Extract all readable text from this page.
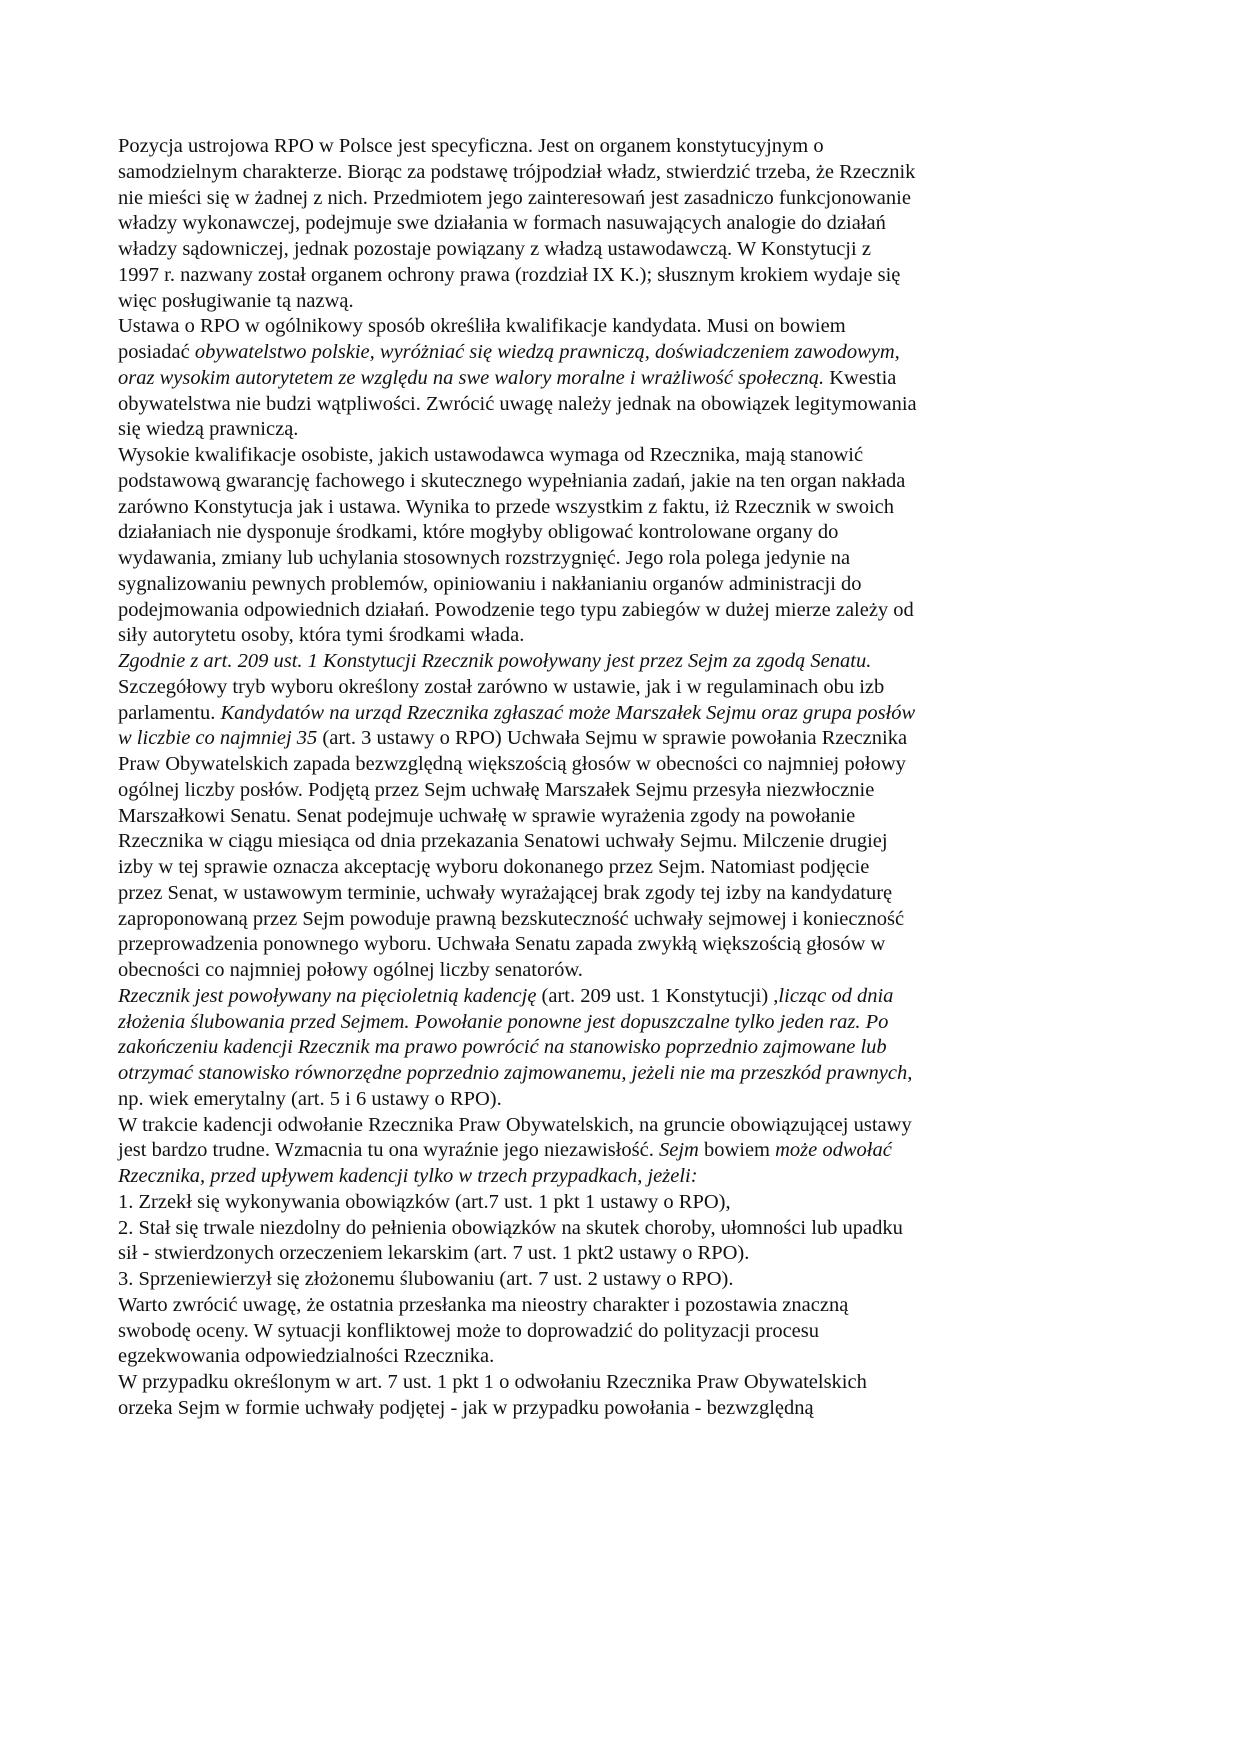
Pozycja ustrojowa RPO w Polsce jest specyficzna. Jest on organem konstytucyjnym o
samodzielnym charakterze. Biorąc za podstawę trójpodział władz, stwierdzić trzeba, że Rzecznik
nie mieści się w żadnej z nich. Przedmiotem jego zainteresowań jest zasadniczo funkcjonowanie
władzy wykonawczej, podejmuje swe działania w formach nasuwających analogie do działań
władzy sądowniczej, jednak pozostaje powiązany z władzą ustawodawczą. W Konstytucji z
1997 r. nazwany został organem ochrony prawa (rozdział IX K.); słusznym krokiem wydaje się
więc posługiwanie tą nazwą.
Ustawa o RPO w ogólnikowy sposób określiła kwalifikacje kandydata. Musi on bowiem
posiadać obywatelstwo polskie, wyróżniać się wiedzą prawniczą, doświadczeniem zawodowym,
oraz wysokim autorytetem ze względu na swe walory moralne i wrażliwość społeczną. Kwestia
obywatelstwa nie budzi wątpliwości. Zwrócić uwagę należy jednak na obowiązek legitymowania
się wiedzą prawniczą.
Wysokie kwalifikacje osobiste, jakich ustawodawca wymaga od Rzecznika, mają stanowić
podstawową gwarancję fachowego i skutecznego wypełniania zadań, jakie na ten organ nakłada
zarówno Konstytucja jak i ustawa. Wynika to przede wszystkim z faktu, iż Rzecznik w swoich
działaniach nie dysponuje środkami, które mogłyby obligować kontrolowane organy do
wydawania, zmiany lub uchylania stosownych rozstrzygnięć. Jego rola polega jedynie na
sygnalizowaniu pewnych problemów, opiniowaniu i nakłanianiu organów administracji do
podejmowania odpowiednich działań. Powodzenie tego typu zabiegów w dużej mierze zależy od
siły autorytetu osoby, która tymi środkami włada.
Zgodnie z art. 209 ust. 1 Konstytucji Rzecznik powoływany jest przez Sejm za zgodą Senatu.
Szczegółowy tryb wyboru określony został zarówno w ustawie, jak i w regulaminach obu izb
parlamentu. Kandydatów na urząd Rzecznika zgłaszać może Marszałek Sejmu oraz grupa posłów
w liczbie co najmniej 35 (art. 3 ustawy o RPO) Uchwała Sejmu w sprawie powołania Rzecznika
Praw Obywatelskich zapada bezwzględną większością głosów w obecności co najmniej połowy
ogólnej liczby posłów. Podjętą przez Sejm uchwałę Marszałek Sejmu przesyła niezwłocznie
Marszałkowi Senatu. Senat podejmuje uchwałę w sprawie wyrażenia zgody na powołanie
Rzecznika w ciągu miesiąca od dnia przekazania Senatowi uchwały Sejmu. Milczenie drugiej
izby w tej sprawie oznacza akceptację wyboru dokonanego przez Sejm. Natomiast podjęcie
przez Senat, w ustawowym terminie, uchwały wyrażającej brak zgody tej izby na kandydaturę
zaproponowaną przez Sejm powoduje prawną bezskuteczność uchwały sejmowej i konieczność
przeprowadzenia ponownego wyboru. Uchwała Senatu zapada zwykłą większością głosów w
obecności co najmniej połowy ogólnej liczby senatorów.
Rzecznik jest powoływany na pięcioletnią kadencję (art. 209 ust. 1 Konstytucji) ,licząc od dnia
złożenia ślubowania przed Sejmem. Powołanie ponowne jest dopuszczalne tylko jeden raz. Po
zakończeniu kadencji Rzecznik ma prawo powrócić na stanowisko poprzednio zajmowane lub
otrzymać stanowisko równorzędne poprzednio zajmowanemu, jeżeli nie ma przeszkód prawnych,
np. wiek emerytalny (art. 5 i 6 ustawy o RPO).
W trakcie kadencji odwołanie Rzecznika Praw Obywatelskich, na gruncie obowiązującej ustawy
jest bardzo trudne. Wzmacnia tu ona wyraźnie jego niezawisłość. Sejm bowiem może odwołać
Rzecznika, przed upływem kadencji tylko w trzech przypadkach, jeżeli:
1. Zrzekł się wykonywania obowiązków (art.7 ust. 1 pkt 1 ustawy o RPO),
2. Stał się trwale niezdolny do pełnienia obowiązków na skutek choroby, ułomności lub upadku
sił - stwierdzonych orzeczeniem lekarskim (art. 7 ust. 1 pkt2 ustawy o RPO).
3. Sprzeniewierzył się złożonemu ślubowaniu (art. 7 ust. 2 ustawy o RPO).
Warto zwrócić uwagę, że ostatnia przesłanka ma nieostry charakter i pozostawia znaczną
swobodę oceny. W sytuacji konfliktowej może to doprowadzić do polityzacji procesu
egzekwowania odpowiedzialności Rzecznika.
W przypadku określonym w art. 7 ust. 1 pkt 1 o odwołaniu Rzecznika Praw Obywatelskich
orzeka Sejm w formie uchwały podjętej - jak w przypadku powołania - bezwzględną
